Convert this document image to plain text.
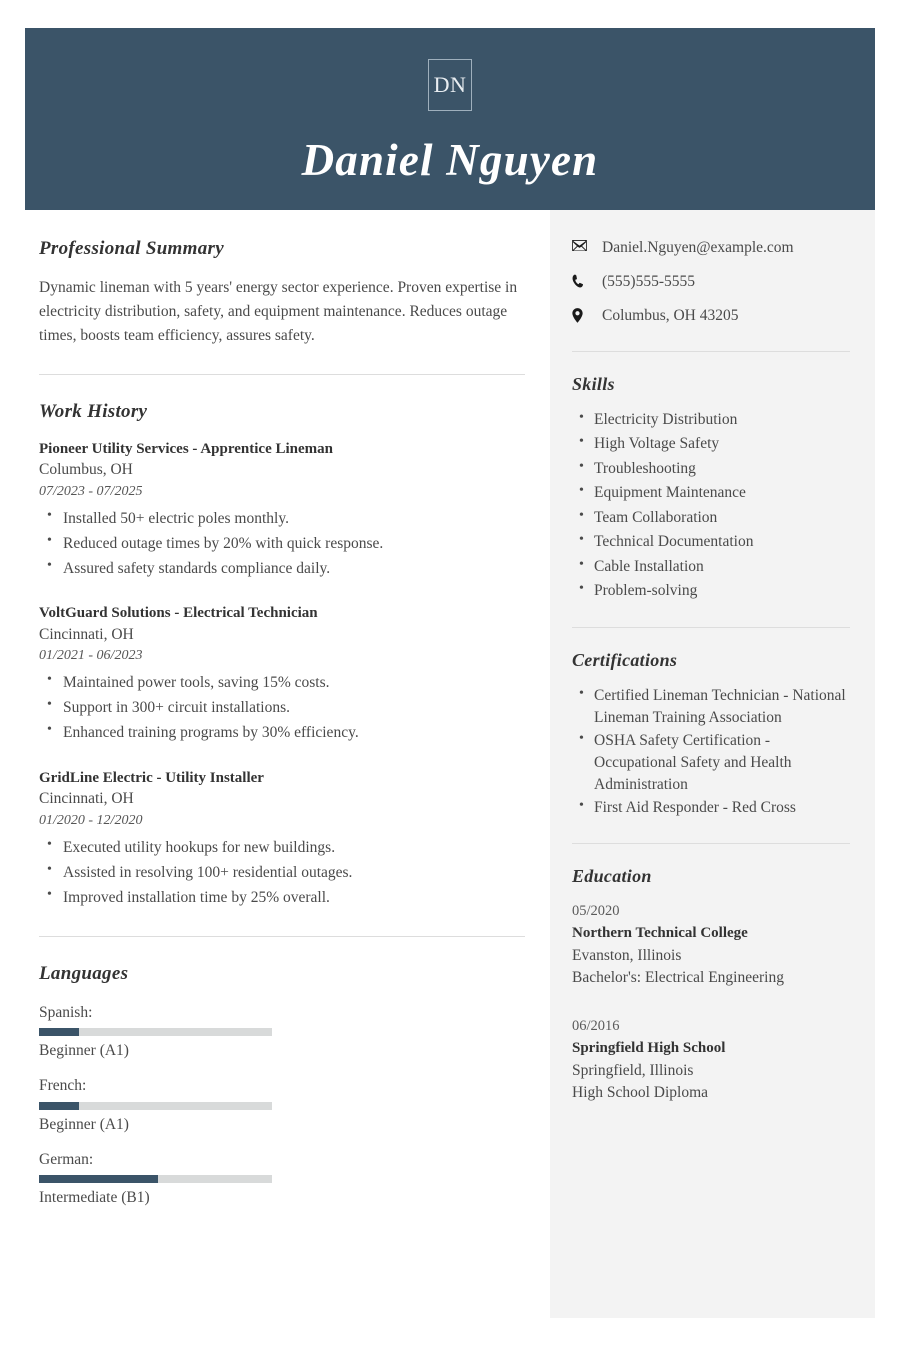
DN
Daniel Nguyen
Professional Summary

Dynamic lineman with 5 years' energy sector experience. Proven expertise in electricity distribution, safety, and equipment maintenance. Reduces outage times, boosts team efficiency, assures safety.

Work History
Pioneer Utility Services - Apprentice Lineman
Columbus, OH
07/2023 - 07/2025
• Installed 50+ electric poles monthly.
• Reduced outage times by 20% with quick response.
• Assured safety standards compliance daily.
VoltGuard Solutions - Electrical Technician
Cincinnati, OH
01/2021 - 06/2023
• Maintained power tools, saving 15% costs.
• Support in 300+ circuit installations.
• Enhanced training programs by 30% efficiency.
GridLine Electric - Utility Installer
Cincinnati, OH
01/2020 - 12/2020
• Executed utility hookups for new buildings.
• Assisted in resolving 100+ residential outages.
• Improved installation time by 25% overall.
Languages
Spanish:
Beginner (A1)
French:
Beginner (A1)
German:
Intermediate (B1)
Daniel.Nguyen@example.com
(555)555-5555
Columbus, OH 43205
Skills
• Electricity Distribution
• High Voltage Safety
• Troubleshooting
• Equipment Maintenance
• Team Collaboration
• Technical Documentation
• Cable Installation
• Problem-solving
Certifications
• Certified Lineman Technician - National Lineman Training Association
• OSHA Safety Certification - Occupational Safety and Health Administration
• First Aid Responder - Red Cross
Education
05/2020
Northern Technical College
Evanston, Illinois
Bachelor's: Electrical Engineering
06/2016
Springfield High School
Springfield, Illinois
High School Diploma
